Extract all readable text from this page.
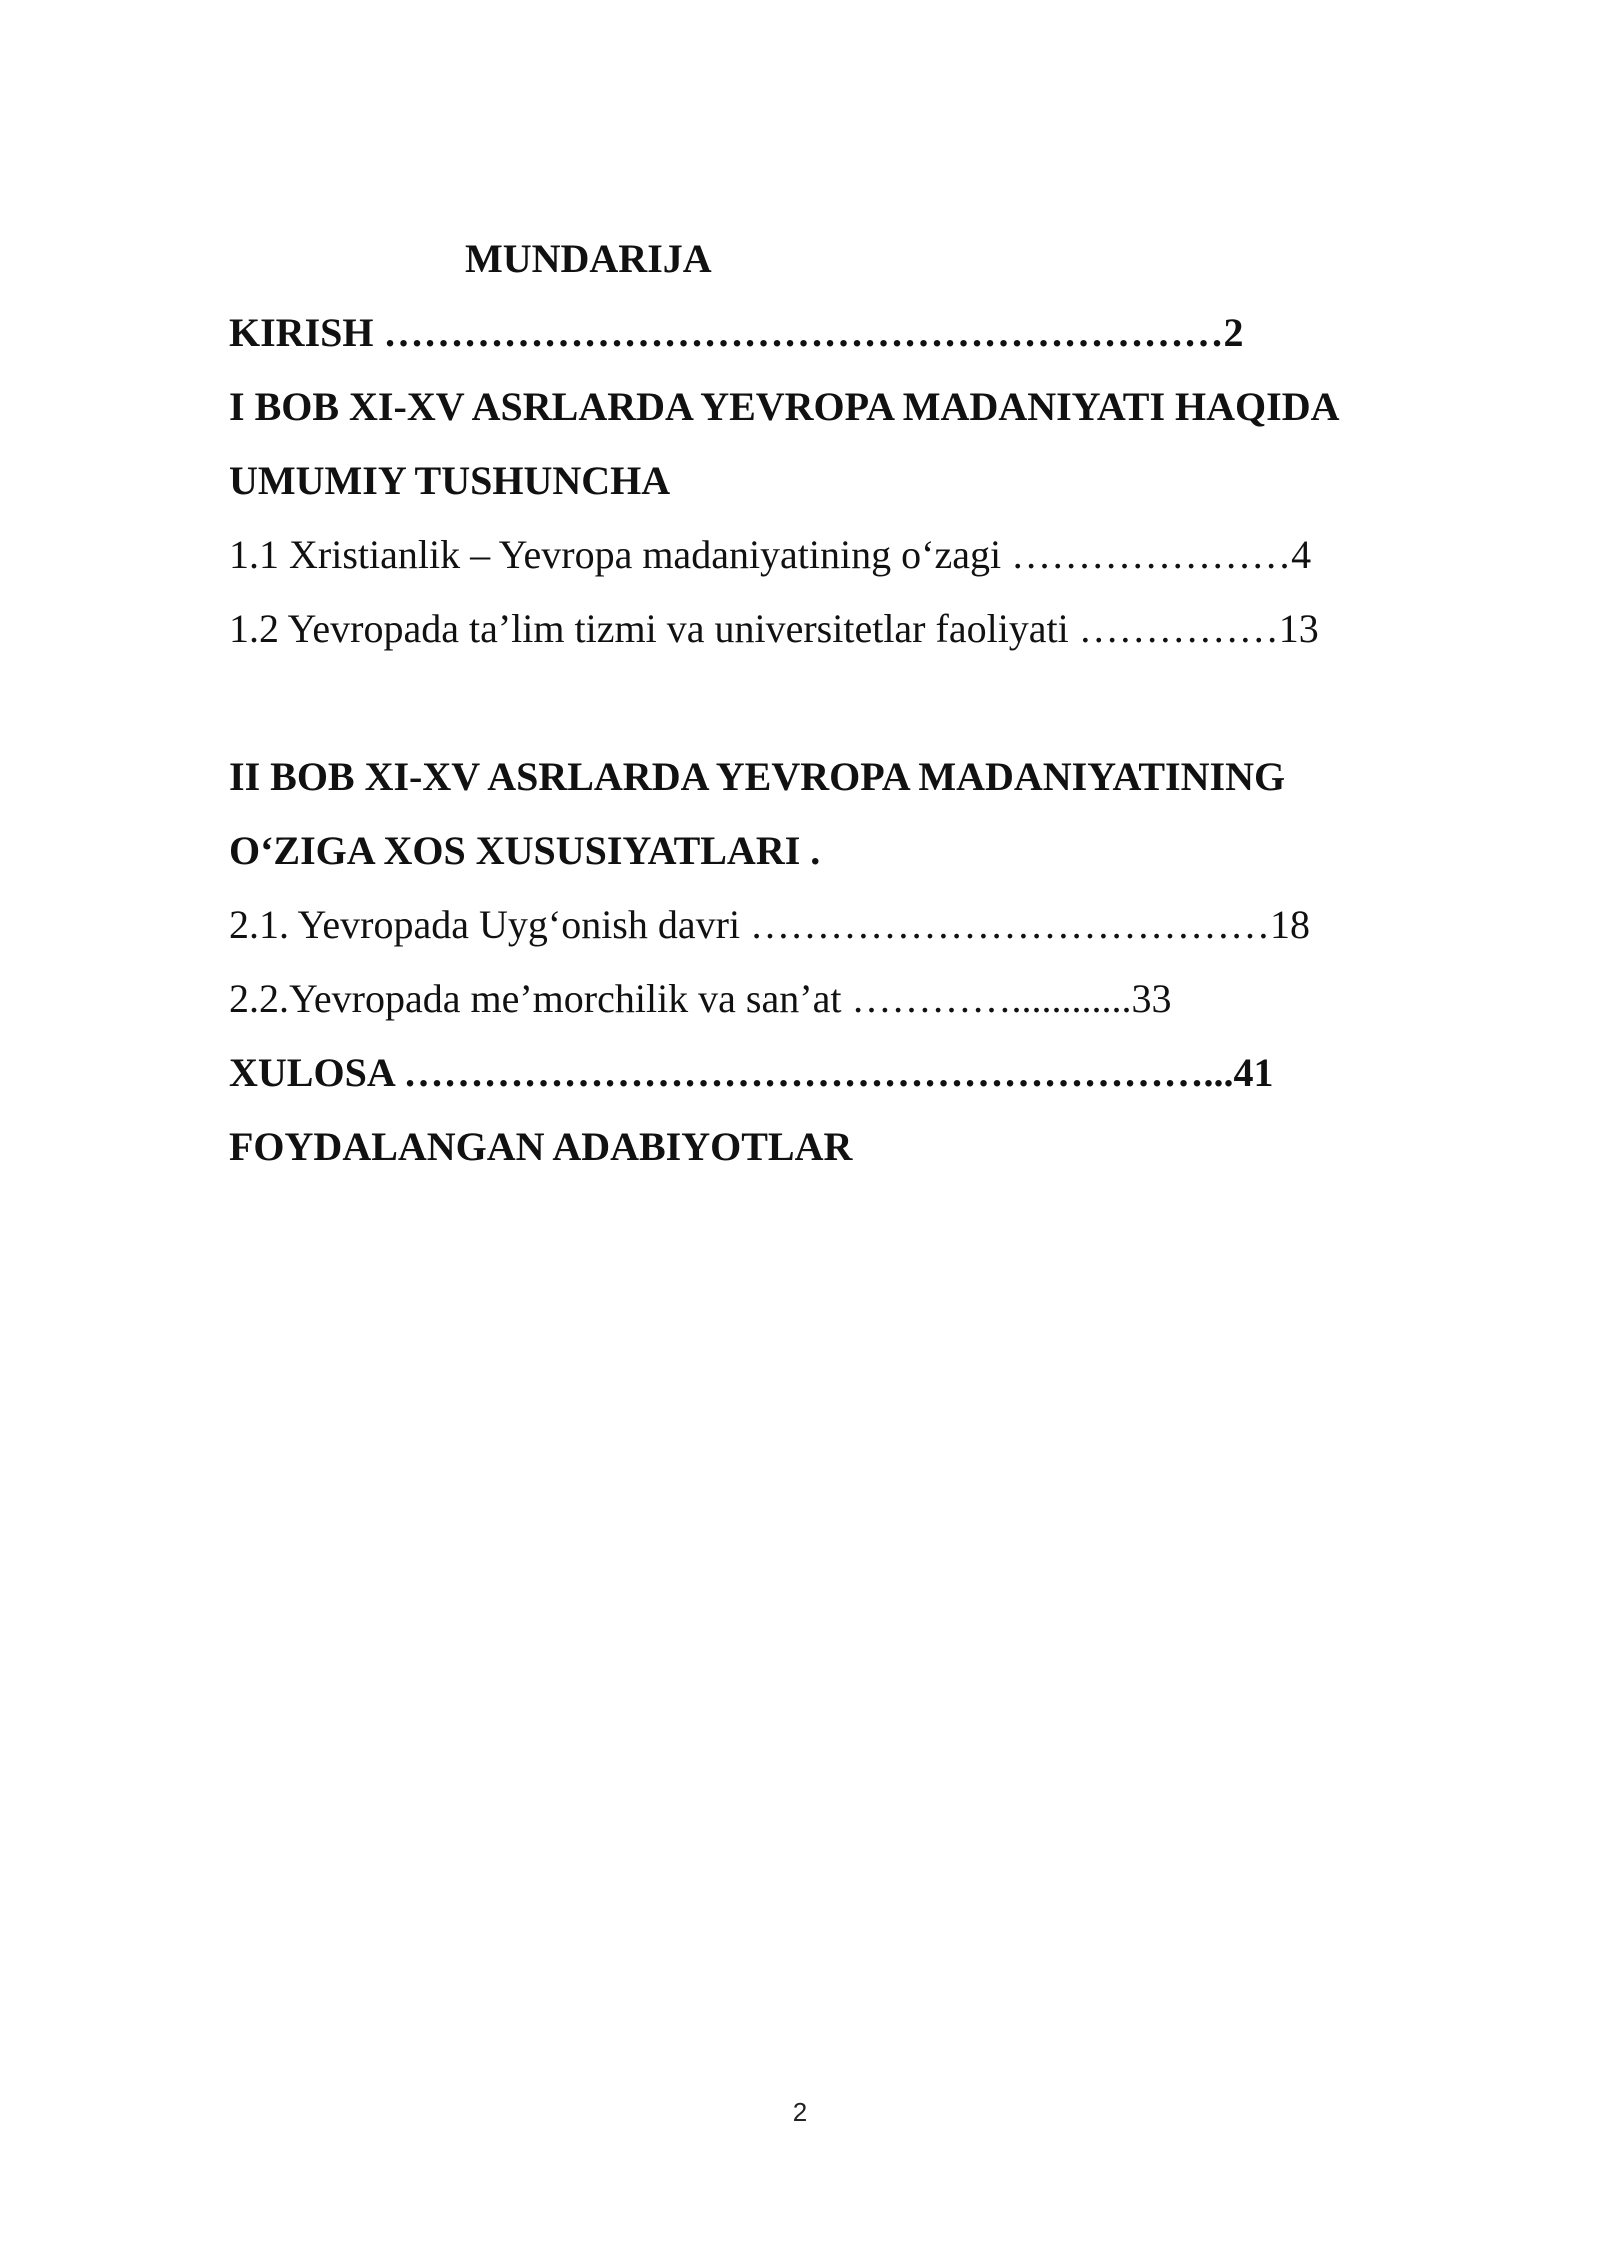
MUNDARIJA
KIRISH ………………………………………………………2
I BOB XI-XV ASRLARDA YEVROPA MADANIYATI HAQIDA
UMUMIY TUSHUNCHA
1.1 Xristianlik – Yevropa madaniyatining o‘zagi …………………4
1.2 Yevropada ta’lim tizmi va universitetlar faoliyati ……………13
II BOB XI-XV ASRLARDA YEVROPA MADANIYATINING
O‘ZIGA XOS XUSUSIYATLARI .
2.1. Yevropada Uyg‘onish davri …………………………………18
2.2.Yevropada me’morchilik va san’at …………............33
XULOSA ……………………………………………………...41
FOYDALANGAN ADABIYOTLAR
2
